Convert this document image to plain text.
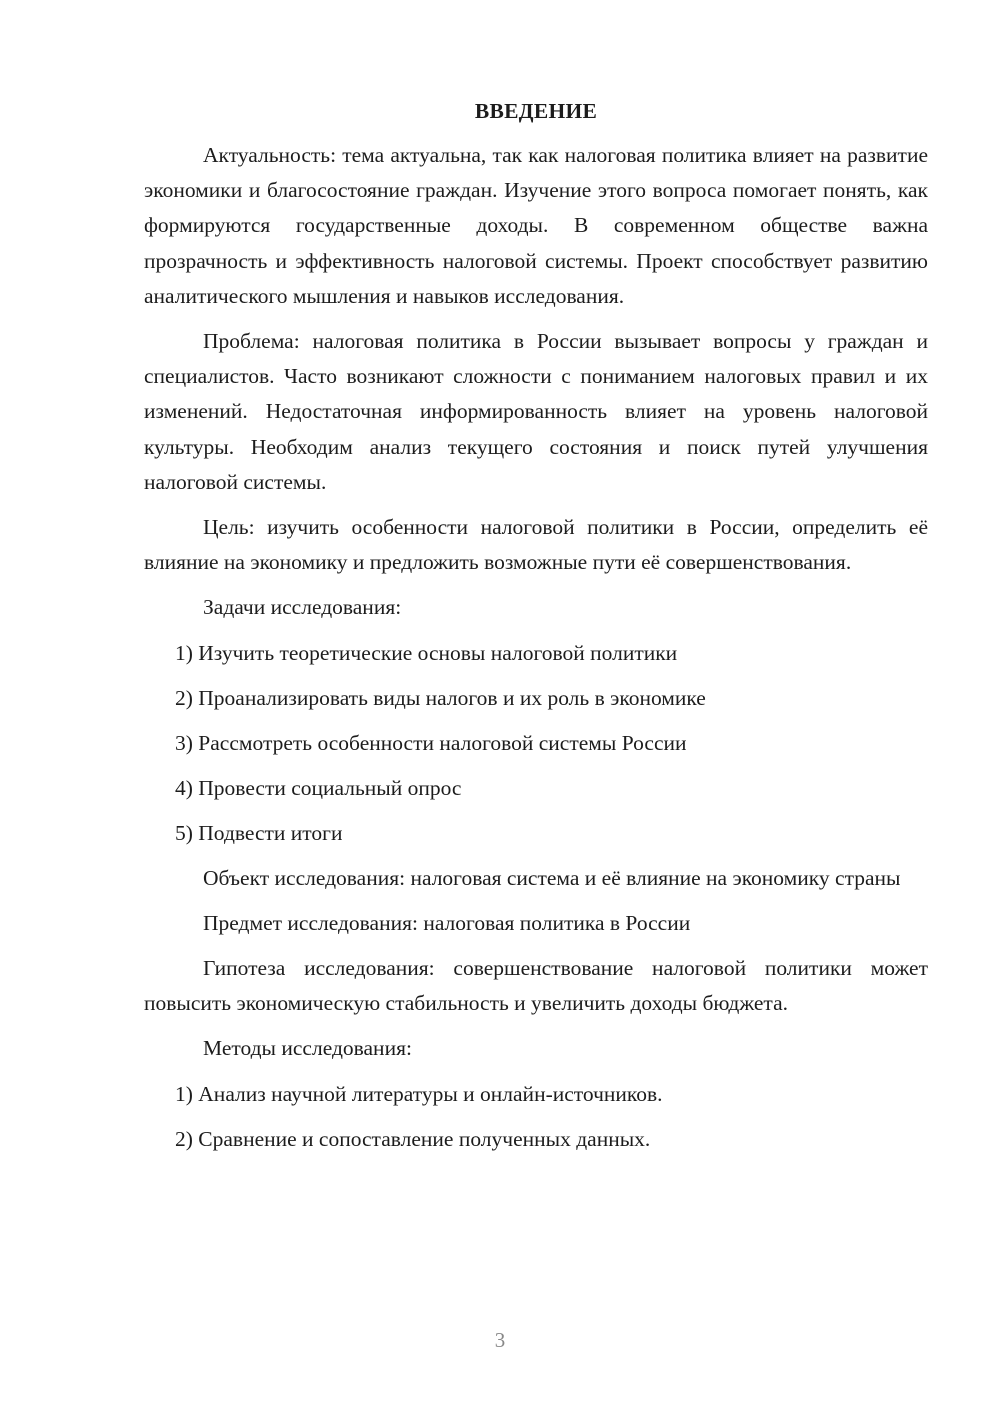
ВВЕДЕНИЕ

Актуальность: тема актуальна, так как налоговая политика влияет на развитие экономики и благосостояние граждан. Изучение этого вопроса помогает понять, как формируются государственные доходы. В современном обществе важна прозрачность и эффективность налоговой системы. Проект способствует развитию аналитического мышления и навыков исследования.

Проблема: налоговая политика в России вызывает вопросы у граждан и специалистов. Часто возникают сложности с пониманием налоговых правил и их изменений. Недостаточная информированность влияет на уровень налоговой культуры. Необходим анализ текущего состояния и поиск путей улучшения налоговой системы.

Цель: изучить особенности налоговой политики в России, определить её влияние на экономику и предложить возможные пути её совершенствования.

Задачи исследования:

1) Изучить теоретические основы налоговой политики
2) Проанализировать виды налогов и их роль в экономике
3) Рассмотреть особенности налоговой системы России
4) Провести социальный опрос
5) Подвести итоги

Объект исследования: налоговая система и её влияние на экономику страны

Предмет исследования: налоговая политика в России

Гипотеза исследования: совершенствование налоговой политики может повысить экономическую стабильность и увеличить доходы бюджета.

Методы исследования:

1) Анализ научной литературы и онлайн-источников.
2) Сравнение и сопоставление полученных данных.
3
